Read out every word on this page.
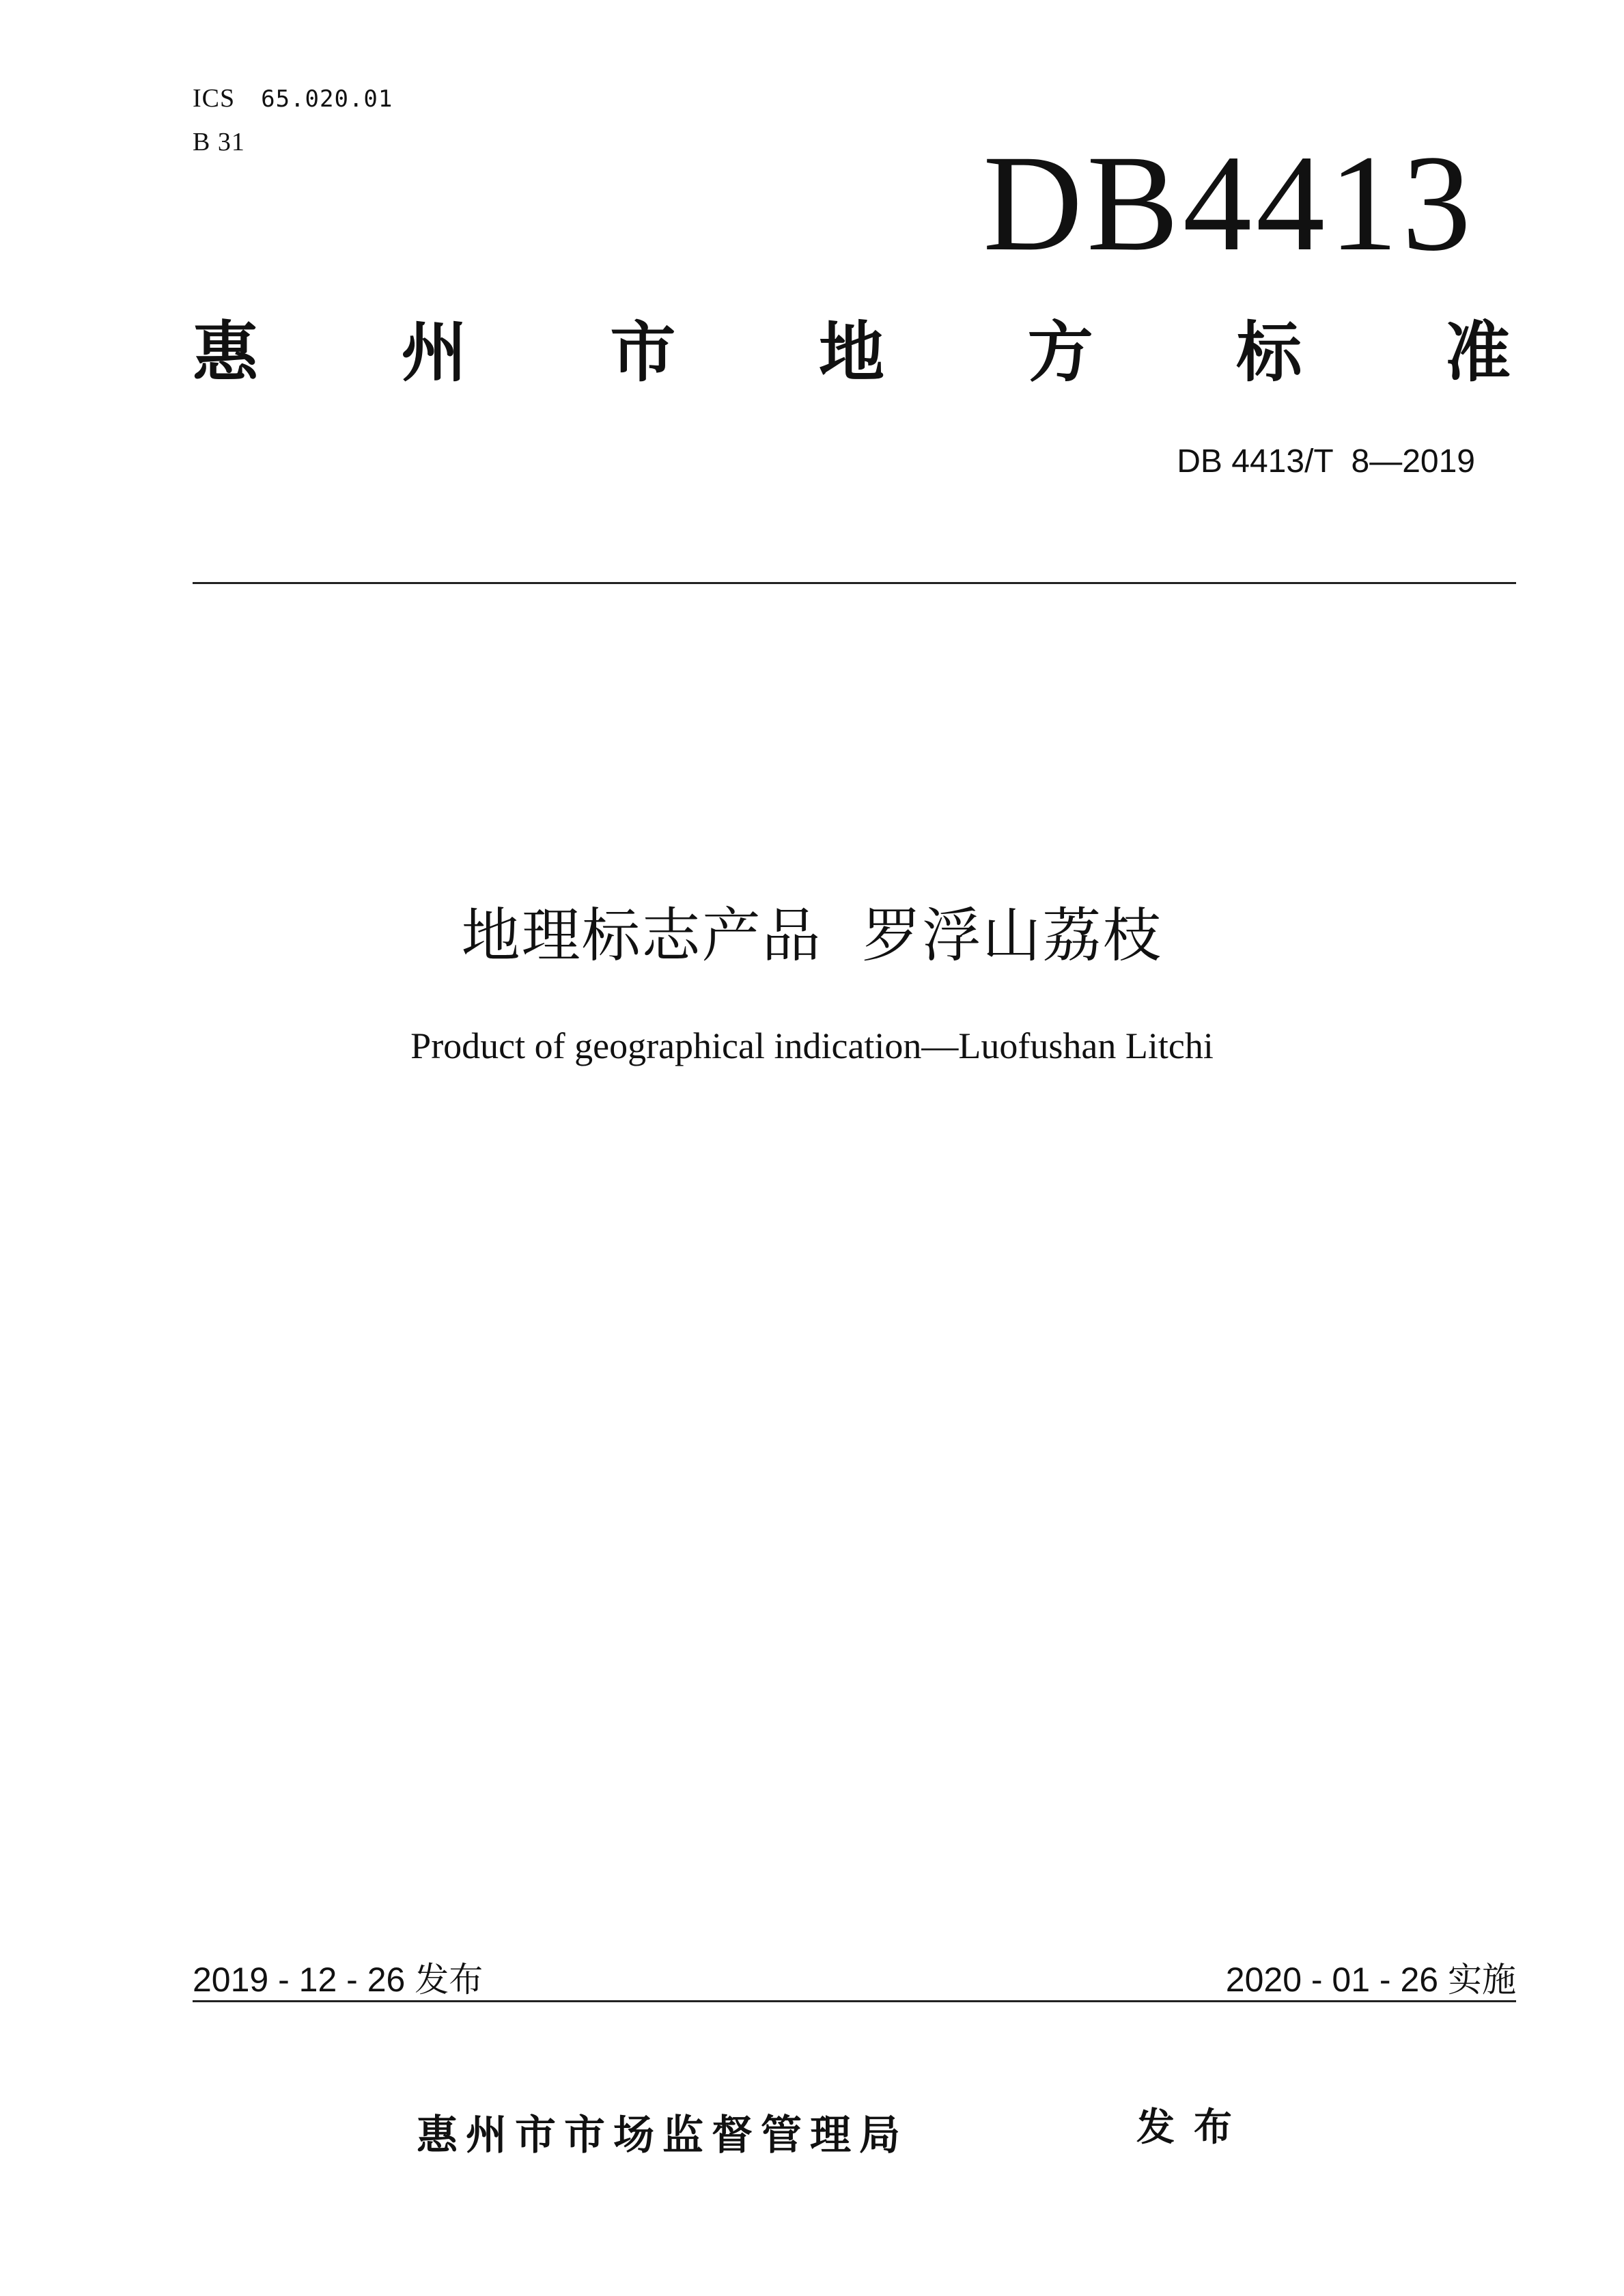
ICS 65.020.01
B 31	DB4413
惠 州 市 地 方 标 准
DB 4413/T  8—2019
地理标志产品  罗浮山荔枝
Product of geographical indication—Luofushan Litchi
2019 - 12 - 26 发布	2020 - 01 - 26 实施
惠州市市场监督管理局	发布
